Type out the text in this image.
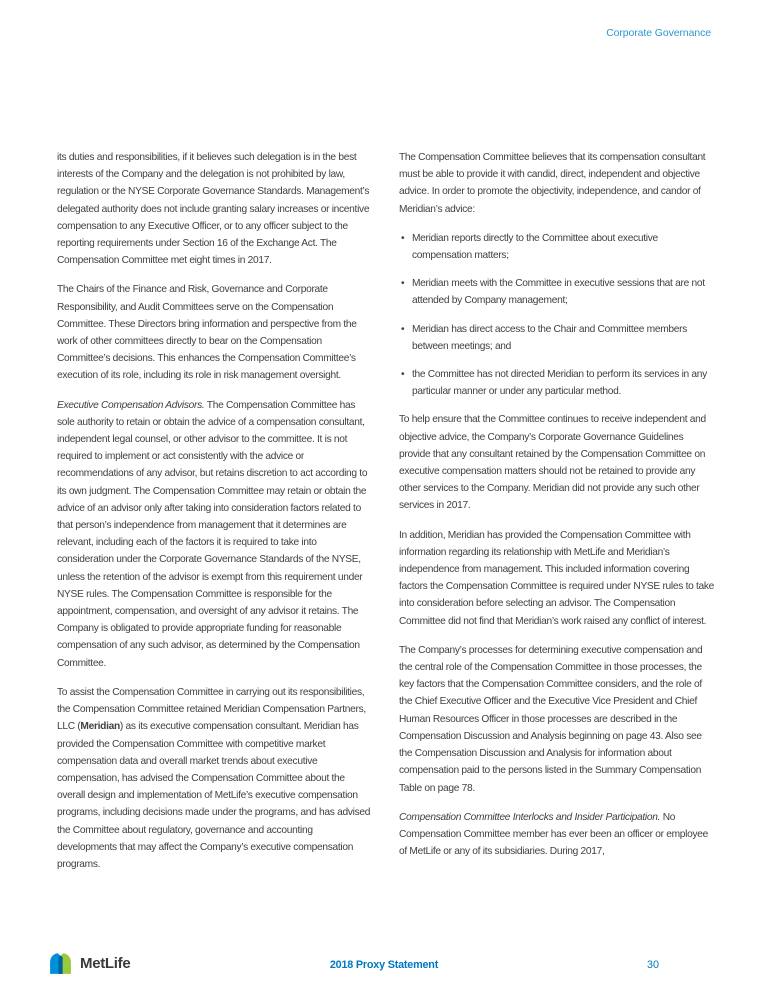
Corporate Governance

its duties and responsibilities, if it believes such delegation is in the best interests of the Company and the delegation is not prohibited by law, regulation or the NYSE Corporate Governance Standards. Management’s delegated authority does not include granting salary increases or incentive compensation to any Executive Officer, or to any officer subject to the reporting requirements under Section 16 of the Exchange Act. The Compensation Committee met eight times in 2017.

The Chairs of the Finance and Risk, Governance and Corporate Responsibility, and Audit Committees serve on the Compensation Committee. These Directors bring information and perspective from the work of other committees directly to bear on the Compensation Committee’s decisions. This enhances the Compensation Committee’s execution of its role, including its role in risk management oversight.

Executive Compensation Advisors. The Compensation Committee has sole authority to retain or obtain the advice of a compensation consultant, independent legal counsel, or other advisor to the committee. It is not required to implement or act consistently with the advice or recommendations of any advisor, but retains discretion to act according to its own judgment. The Compensation Committee may retain or obtain the advice of an advisor only after taking into consideration factors related to that person’s independence from management that it determines are relevant, including each of the factors it is required to take into consideration under the Corporate Governance Standards of the NYSE, unless the retention of the advisor is exempt from this requirement under NYSE rules. The Compensation Committee is responsible for the appointment, compensation, and oversight of any advisor it retains. The Company is obligated to provide appropriate funding for reasonable compensation of any such advisor, as determined by the Compensation Committee.

To assist the Compensation Committee in carrying out its responsibilities, the Compensation Committee retained Meridian Compensation Partners, LLC (Meridian) as its executive compensation consultant. Meridian has provided the Compensation Committee with competitive market compensation data and overall market trends about executive compensation, has advised the Compensation Committee about the overall design and implementation of MetLife’s executive compensation programs, including decisions made under the programs, and has advised the Committee about regulatory, governance and accounting developments that may affect the Company’s executive compensation programs.

The Compensation Committee believes that its compensation consultant must be able to provide it with candid, direct, independent and objective advice. In order to promote the objectivity, independence, and candor of Meridian’s advice:

• Meridian reports directly to the Committee about executive compensation matters;
• Meridian meets with the Committee in executive sessions that are not attended by Company management;
• Meridian has direct access to the Chair and Committee members between meetings; and
• the Committee has not directed Meridian to perform its services in any particular manner or under any particular method.

To help ensure that the Committee continues to receive independent and objective advice, the Company’s Corporate Governance Guidelines provide that any consultant retained by the Compensation Committee on executive compensation matters should not be retained to provide any other services to the Company. Meridian did not provide any such other services in 2017.

In addition, Meridian has provided the Compensation Committee with information regarding its relationship with MetLife and Meridian’s independence from management. This included information covering factors the Compensation Committee is required under NYSE rules to take into consideration before selecting an advisor. The Compensation Committee did not find that Meridian’s work raised any conflict of interest.

The Company’s processes for determining executive compensation and the central role of the Compensation Committee in those processes, the key factors that the Compensation Committee considers, and the role of the Chief Executive Officer and the Executive Vice President and Chief Human Resources Officer in those processes are described in the Compensation Discussion and Analysis beginning on page 43. Also see the Compensation Discussion and Analysis for information about compensation paid to the persons listed in the Summary Compensation Table on page 78.

Compensation Committee Interlocks and Insider Participation. No Compensation Committee member has ever been an officer or employee of MetLife or any of its subsidiaries. During 2017,

MetLife	2018 Proxy Statement	30
